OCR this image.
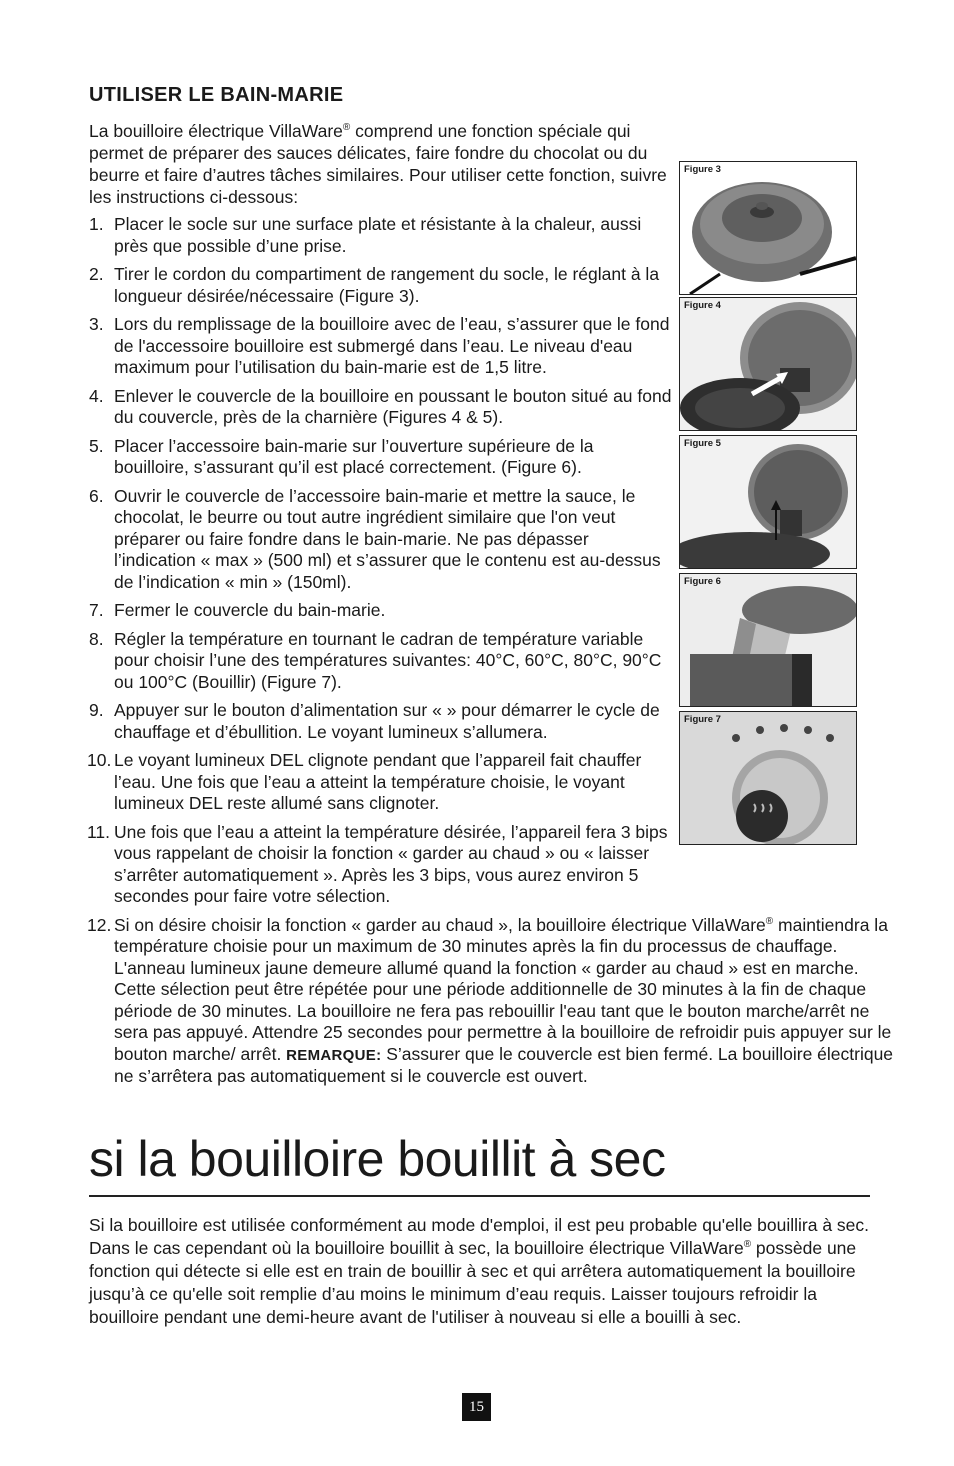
UTILISER LE BAIN-MARIE

La bouilloire électrique VillaWare® comprend une fonction spéciale qui permet de préparer des sauces délicates, faire fondre du chocolat ou du beurre et faire d’autres tâches similaires. Pour utiliser cette fonction, suivre les instructions ci-dessous:

1. Placer le socle sur une surface plate et résistante à la chaleur, aussi près que possible d’une prise.
2. Tirer le cordon du compartiment de rangement du socle, le réglant à la longueur désirée/nécessaire (Figure 3).
3. Lors du remplissage de la bouilloire avec de l’eau, s’assurer que le fond de l'accessoire bouilloire est submergé dans l’eau. Le niveau d'eau maximum pour l’utilisation du bain-marie est de 1,5 litre.
4. Enlever le couvercle de la bouilloire en poussant le bouton situé au fond du couvercle, près de la charnière (Figures 4 & 5).
5. Placer l’accessoire bain-marie sur l’ouverture supérieure de la bouilloire, s’assurant qu’il est placé correctement. (Figure 6).
6. Ouvrir le couvercle de l’accessoire bain-marie et mettre la sauce, le chocolat, le beurre ou tout autre ingrédient similaire que l'on veut préparer ou faire fondre dans le bain-marie. Ne pas dépasser l’indication « max » (500 ml) et s’assurer que le contenu est au-dessus de l’indication « min » (150ml).
7. Fermer le couvercle du bain-marie.
8. Régler la température en tournant le cadran de température variable pour choisir l’une des températures suivantes: 40°C, 60°C, 80°C, 90°C ou 100°C (Bouillir) (Figure 7).
9. Appuyer sur le bouton d’alimentation sur « » pour démarrer le cycle de chauffage et d’ébullition. Le voyant lumineux s’allumera.
10. Le voyant lumineux DEL clignote pendant que l’appareil fait chauffer l’eau. Une fois que l’eau a atteint la température choisie, le voyant lumineux DEL reste allumé sans clignoter.
11. Une fois que l’eau a atteint la température désirée, l’appareil fera 3 bips vous rappelant de choisir la fonction « garder au chaud » ou « laisser s’arrêter automatiquement ». Après les 3 bips, vous aurez environ 5 secondes pour faire votre sélection.
12. Si on désire choisir la fonction « garder au chaud », la bouilloire électrique VillaWare® maintiendra la température choisie pour un maximum de 30 minutes après la fin du processus de chauffage. L'anneau lumineux jaune demeure allumé quand la fonction « garder au chaud » est en marche. Cette sélection peut être répétée pour une période additionnelle de 30 minutes à la fin de chaque période de 30 minutes. La bouilloire ne fera pas rebouillir l'eau tant que le bouton marche/arrêt ne sera pas appuyé. Attendre 25 secondes pour permettre à la bouilloire de refroidir puis appuyer sur le bouton marche/ arrêt. REMARQUE: S’assurer que le couvercle est bien fermé. La bouilloire électrique ne s’arrêtera pas automatiquement si le couvercle est ouvert.
Figure 3
Figure 4
Figure 5
Figure 6
Figure 7
si la bouilloire bouillit à sec

Si la bouilloire est utilisée conformément au mode d'emploi, il est peu probable qu'elle bouillira à sec. Dans le cas cependant où la bouilloire bouillit à sec, la bouilloire électrique VillaWare® possède une fonction qui détecte si elle est en train de bouillir à sec et qui arrêtera automatiquement la bouilloire jusqu’à ce qu'elle soit remplie d’au moins le minimum d’eau requis. Laisser toujours refroidir la bouilloire pendant une demi-heure avant de l'utiliser à nouveau si elle a bouilli à sec.

15
